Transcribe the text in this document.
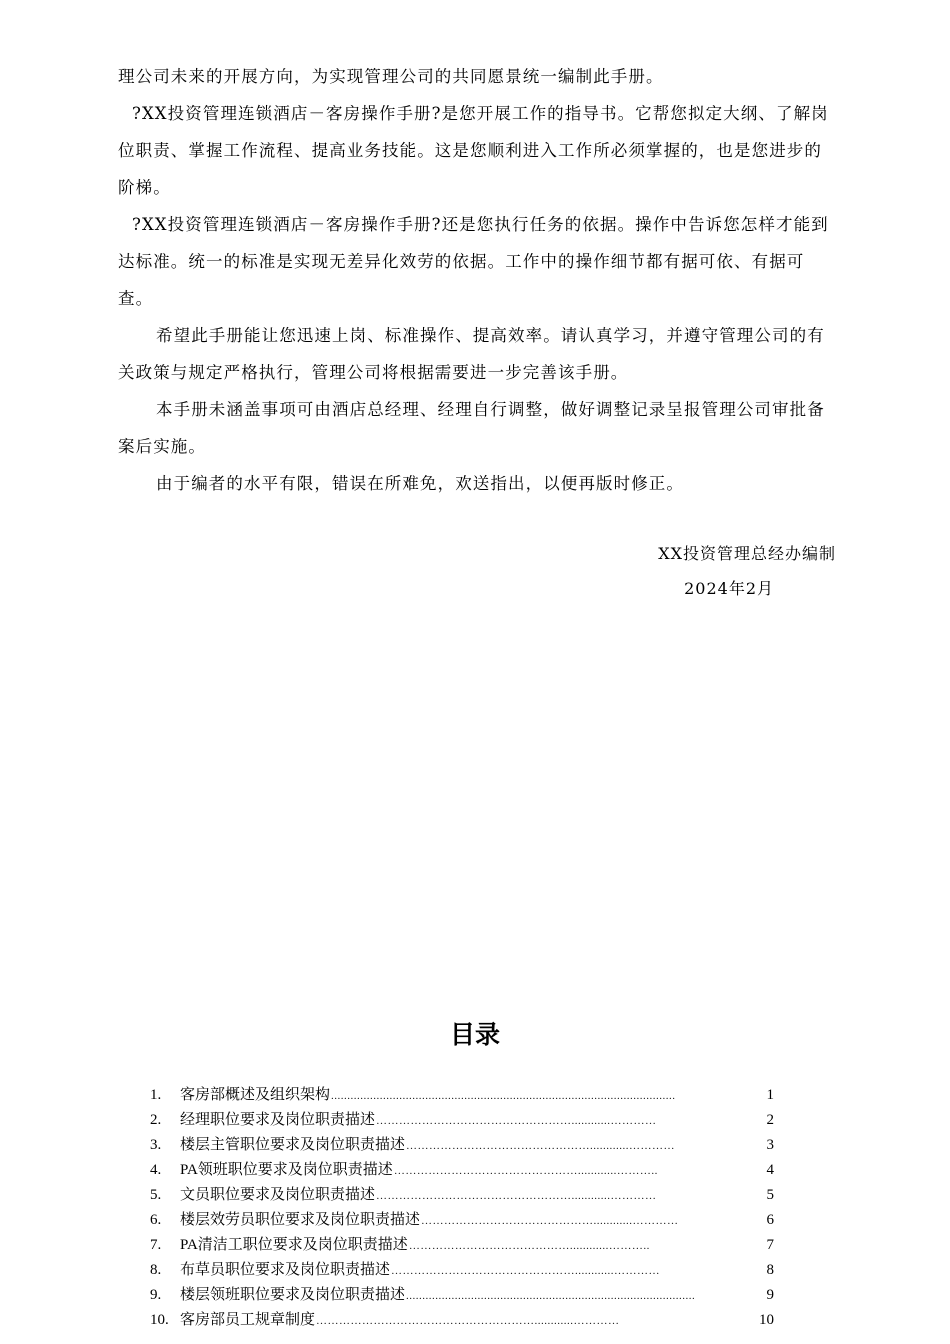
理公司未来的开展方向，为实现管理公司的共同愿景统一编制此手册。

?XX投资管理连锁酒店－客房操作手册?是您开展工作的指导书。它帮您拟定大纲、了解岗位职责、掌握工作流程、提高业务技能。这是您顺利进入工作所必须掌握的，也是您进步的阶梯。

?XX投资管理连锁酒店－客房操作手册?还是您执行任务的依据。操作中告诉您怎样才能到达标准。统一的标准是实现无差异化效劳的依据。工作中的操作细节都有据可依、有据可查。

希望此手册能让您迅速上岗、标准操作、提高效率。请认真学习，并遵守管理公司的有关政策与规定严格执行，管理公司将根据需要进一步完善该手册。

本手册未涵盖事项可由酒店总经理、经理自行调整，做好调整记录呈报管理公司审批备案后实施。

由于编者的水平有限，错误在所难免，欢送指出，以便再版时修正。

XX投资管理总经办编制
2024年2月
目录
1.	客房部概述及组织架构 ..........................................................................................................	1
2.	经理职位要求及岗位职责描述 ……………………………………………............…………	2
3.	楼层主管职位要求及岗位职责描述 …………………………………………............…………	3
4.	PA领班职位要求及岗位职责描述 …………………………………………............………..	4
5.	文员职位要求及岗位职责描述 ……………………………………………............…………	5
6.	楼层效劳员职位要求及岗位职责描述 ………………………………………............…………	6
7.	PA清洁工职位要求及岗位职责描述 ……………………………………............………..	7
8.	布草员职位要求及岗位职责描述 …………………………………………............…………	8
9.	楼层领班职位要求及岗位职责描述 .........................................................................................	9
10. 客房部员工规章制度 …………………………………………………............…………	10
